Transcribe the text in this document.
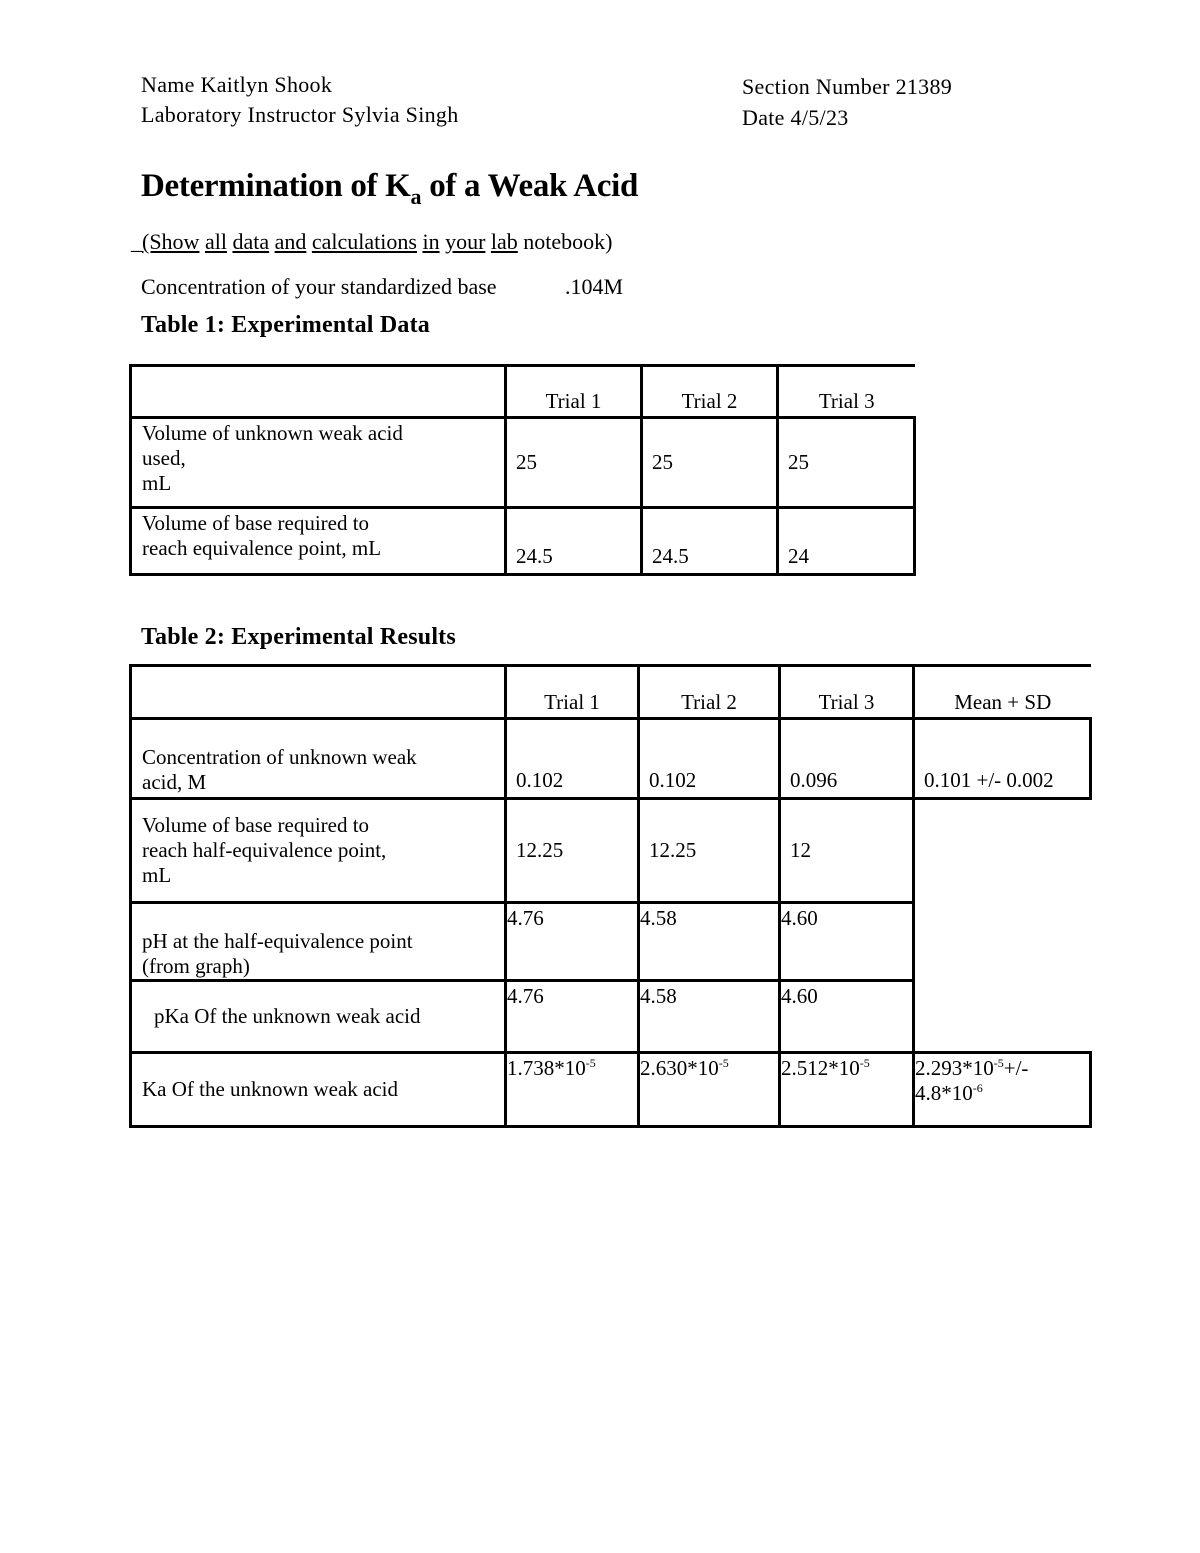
Name Kaitlyn Shook
Laboratory Instructor Sylvia Singh
Section Number 21389
Date 4/5/23
Determination of $K_a$ of a Weak Acid
_(Show all data and calculations in your lab notebook)
Concentration of your standardized base	.104M
Table 1: Experimental Data
	Trial 1	Trial 2	Trial 3

Volume of unknown weak acid
used,
mL	25	25	25

Volume of base required to
reach equivalence point, mL	24.5	24.5	24
Table 2: Experimental Results
	Trial 1	Trial 2	Trial 3	Mean + SD

Concentration of unknown weak
acid, M	0.102	0.102	0.096	0.101 +/- 0.002

Volume of base required to
reach half-equivalence point,
mL	12.25	12.25	12	

pH at the half-equivalence point
(from graph)	4.76	4.58	4.60	

pKa Of the unknown weak acid	4.76	4.58	4.60	
Ka Of the unknown weak acid	$1.738*10^{-5}$	$2.630*10^{-5}$	$2.512*10^{-5}$	$2.293*10^{-5}+/-$
$4.8*10^{-6}$
